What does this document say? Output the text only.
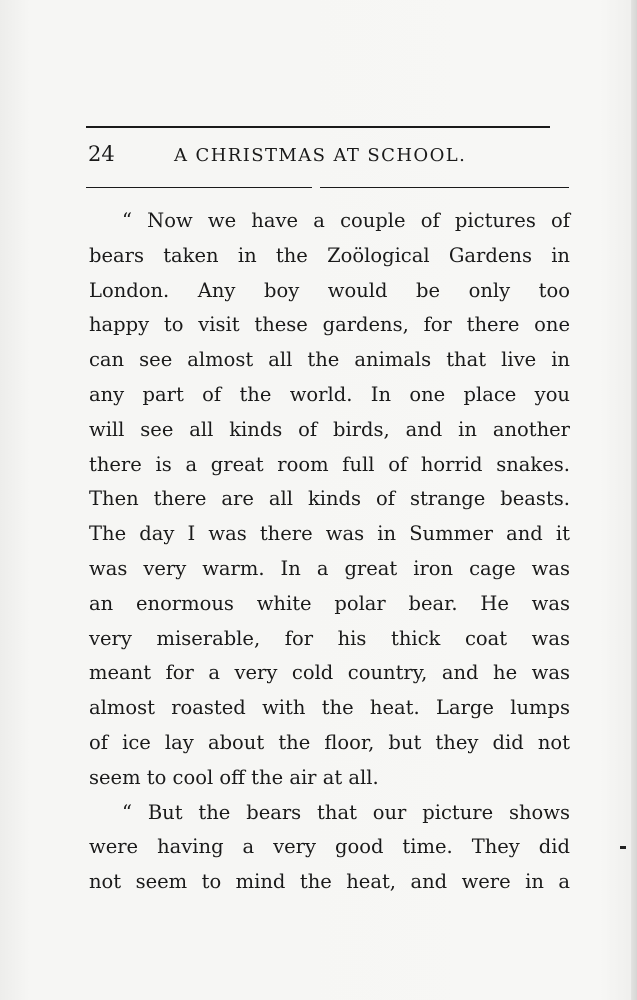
24	A CHRISTMAS AT SCHOOL.
“ Now we have a couple of pictures of
bears taken in the Zoölogical Gardens in
London. Any boy would be only too
happy to visit these gardens, for there one
can see almost all the animals that live in
any part of the world. In one place you
will see all kinds of birds, and in another
there is a great room full of horrid snakes.
Then there are all kinds of strange beasts.
The day I was there was in Summer and it
was very warm. In a great iron cage was
an enormous white polar bear. He was
very miserable, for his thick coat was
meant for a very cold country, and he was
almost roasted with the heat. Large lumps
of ice lay about the floor, but they did not
seem to cool off the air at all.
“ But the bears that our picture shows
were having a very good time. They did
not seem to mind the heat, and were in a
